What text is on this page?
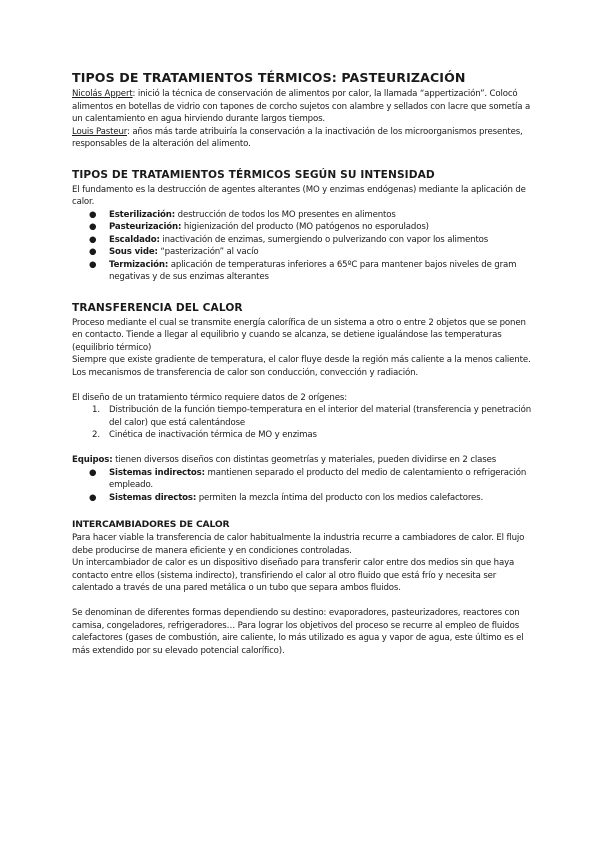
TIPOS DE TRATAMIENTOS TÉRMICOS: PASTEURIZACIÓN

Nicolás Appert: inició la técnica de conservación de alimentos por calor, la llamada “appertización”. Colocó alimentos en botellas de vidrio con tapones de corcho sujetos con alambre y sellados con lacre que sometía a un calentamiento en agua hirviendo durante largos tiempos.

Louis Pasteur: años más tarde atribuiría la conservación a la inactivación de los microorganismos presentes, responsables de la alteración del alimento.

TIPOS DE TRATAMIENTOS TÉRMICOS SEGÚN SU INTENSIDAD

El fundamento es la destrucción de agentes alterantes (MO y enzimas endógenas) mediante la aplicación de calor.

● Esterilización: destrucción de todos los MO presentes en alimentos
● Pasteurización: higienización del producto (MO patógenos no esporulados)
● Escaldado: inactivación de enzimas, sumergiendo o pulverizando con vapor los alimentos
● Sous vide: “pasterización” al vacío
● Termización: aplicación de temperaturas inferiores a 65ºC para mantener bajos niveles de gram negativas y de sus enzimas alterantes
TRANSFERENCIA DEL CALOR

Proceso mediante el cual se transmite energía calorífica de un sistema a otro o entre 2 objetos que se ponen en contacto. Tiende a llegar al equilibrio y cuando se alcanza, se detiene igualándose las temperaturas (equilibrio térmico)

Siempre que existe gradiente de temperatura, el calor fluye desde la región más caliente a la menos caliente.

Los mecanismos de transferencia de calor son conducción, convección y radiación.

El diseño de un tratamiento térmico requiere datos de 2 orígenes:

1. Distribución de la función tiempo-temperatura en el interior del material (transferencia y penetración del calor) que está calentándose
2. Cinética de inactivación térmica de MO y enzimas

Equipos: tienen diversos diseños con distintas geometrías y materiales, pueden dividirse en 2 clases

● Sistemas indirectos: mantienen separado el producto del medio de calentamiento o refrigeración empleado.
● Sistemas directos: permiten la mezcla íntima del producto con los medios calefactores.
INTERCAMBIADORES DE CALOR

Para hacer viable la transferencia de calor habitualmente la industria recurre a cambiadores de calor. El flujo debe producirse de manera eficiente y en condiciones controladas.

Un intercambiador de calor es un dispositivo diseñado para transferir calor entre dos medios sin que haya contacto entre ellos (sistema indirecto), transfiriendo el calor al otro fluido que está frío y necesita ser calentado a través de una pared metálica o un tubo que separa ambos fluidos.

Se denominan de diferentes formas dependiendo su destino: evaporadores, pasteurizadores, reactores con camisa, congeladores, refrigeradores… Para lograr los objetivos del proceso se recurre al empleo de fluidos calefactores (gases de combustión, aire caliente, lo más utilizado es agua y vapor de agua, este último es el más extendido por su elevado potencial calorífico).
